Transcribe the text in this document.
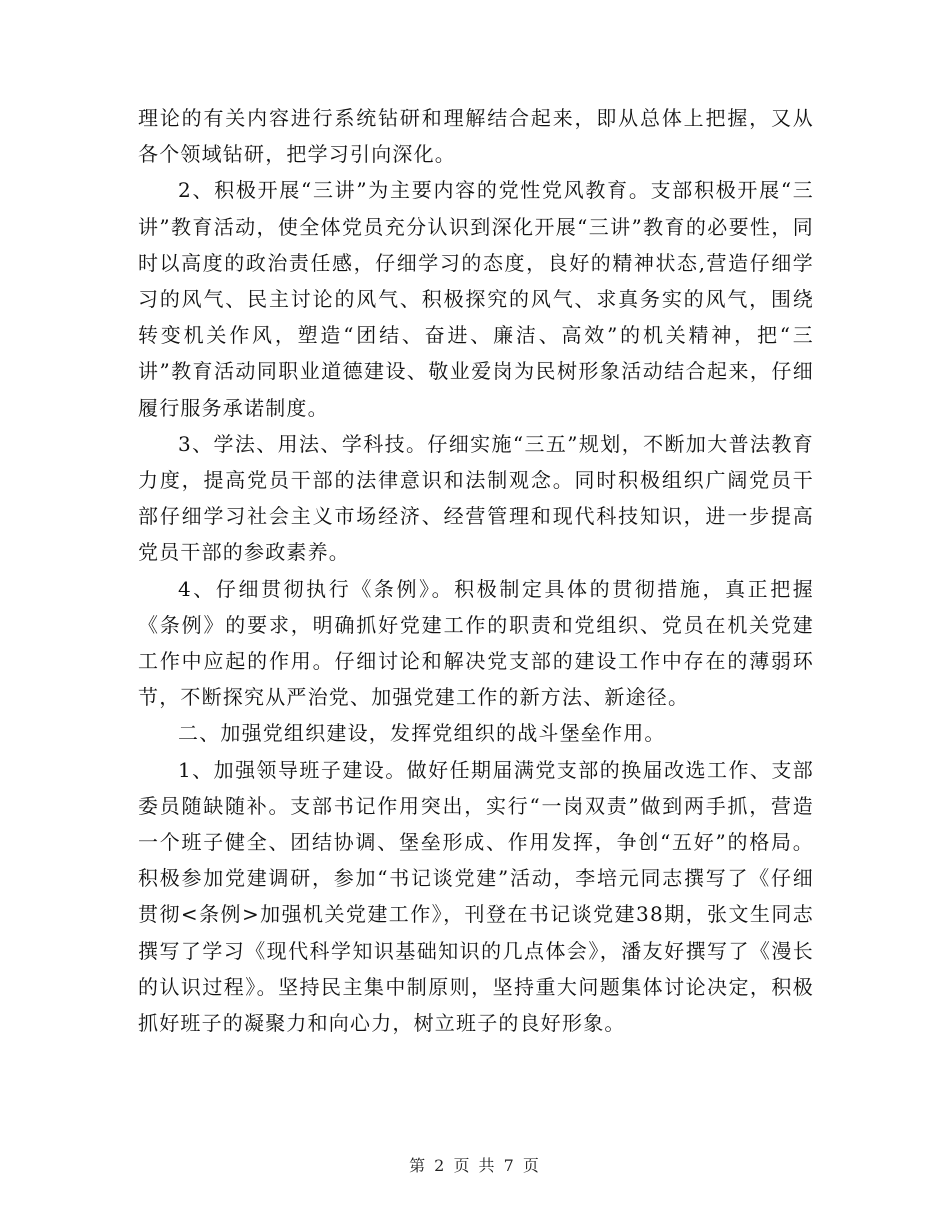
理论的有关内容进行系统钻研和理解结合起来，即从总体上把握，又从各个领域钻研，把学习引向深化。

2、积极开展“三讲”为主要内容的党性党风教育。支部积极开展“三讲”教育活动，使全体党员充分认识到深化开展“三讲”教育的必要性，同时以高度的政治责任感，仔细学习的态度，良好的精神状态,营造仔细学习的风气、民主讨论的风气、积极探究的风气、求真务实的风气，围绕转变机关作风，塑造“团结、奋进、廉洁、高效”的机关精神，把“三讲”教育活动同职业道德建设、敬业爱岗为民树形象活动结合起来，仔细履行服务承诺制度。

3、学法、用法、学科技。仔细实施“三五”规划，不断加大普法教育力度，提高党员干部的法律意识和法制观念。同时积极组织广阔党员干部仔细学习社会主义市场经济、经营管理和现代科技知识，进一步提高党员干部的参政素养。

4、仔细贯彻执行《条例》。积极制定具体的贯彻措施，真正把握《条例》的要求，明确抓好党建工作的职责和党组织、党员在机关党建工作中应起的作用。仔细讨论和解决党支部的建设工作中存在的薄弱环节，不断探究从严治党、加强党建工作的新方法、新途径。

二、加强党组织建设，发挥党组织的战斗堡垒作用。

1、加强领导班子建设。做好任期届满党支部的换届改选工作、支部委员随缺随补。支部书记作用突出，实行“一岗双责”做到两手抓，营造一个班子健全、团结协调、堡垒形成、作用发挥，争创“五好”的格局。积极参加党建调研，参加“书记谈党建”活动，李培元同志撰写了《仔细贯彻<条例>加强机关党建工作》，刊登在书记谈党建38期，张文生同志撰写了学习《现代科学知识基础知识的几点体会》，潘友好撰写了《漫长的认识过程》。坚持民主集中制原则，坚持重大问题集体讨论决定，积极抓好班子的凝聚力和向心力，树立班子的良好形象。

第 2 页 共 7 页
